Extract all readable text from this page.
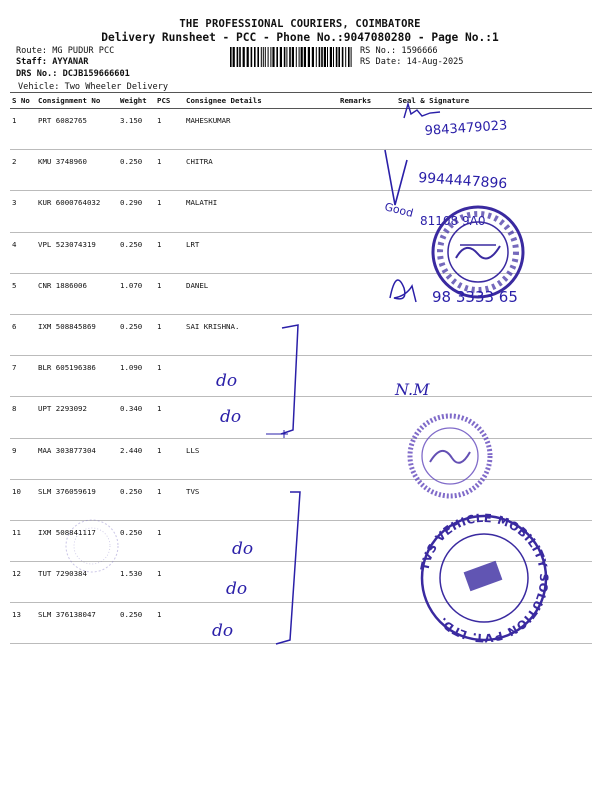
THE PROFESSIONAL COURIERS, COIMBATORE
Delivery Runsheet - PCC - Phone No.:9047080280 - Page No.:1
Route: MG PUDUR PCC
Staff: AYYANAR
DRS No.: DCJB159666601
RS No.: 1596666
RS Date: 14-Aug-2025
Vehicle: Two Wheeler Delivery
S No	Consignment No	Weight	PCS	Consignee Details	Remarks	Seal & Signature
1	PRT 6082765	3.150	1	MAHESKUMAR		
2	KMU 3748960	0.250	1	CHITRA		
3	KUR 6000764032	0.290	1	MALATHI		
4	VPL 523074319	0.250	1	LRT		
5	CNR 1886006	1.070	1	DANEL		
6	IXM 508845869	0.250	1	SAI KRISHNA.		
7	BLR 605196386	1.090	1			
8	UPT 2293092	0.340	1			
9	MAA 303877304	2.440	1	LLS		
10	SLM 376059619	0.250	1	TVS		
11	IXM 508841117	0.250	1			
12	TUT 7290384	1.530	1			
13	SLM 376138047	0.250	1			
9843479023
9944447896
Good
81108 9A0
98 3333 65
do
do
N.M
do
do
do
TVS VEHICLE MOBILITY SOLUTION PVT. LTD.
